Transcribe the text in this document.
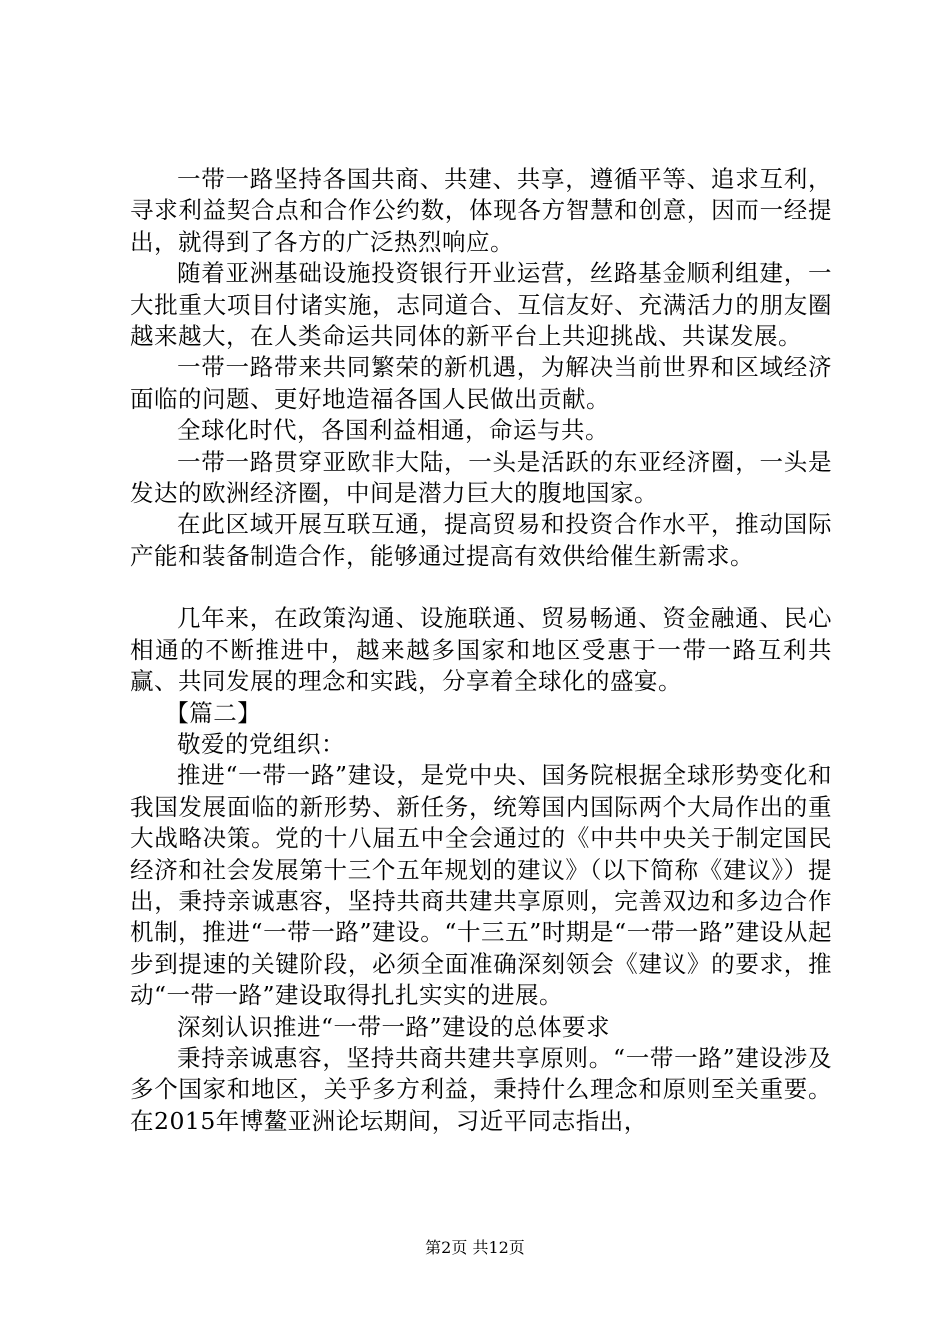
一带一路坚持各国共商、共建、共享，遵循平等、追求互利，寻求利益契合点和合作公约数，体现各方智慧和创意，因而一经提出，就得到了各方的广泛热烈响应。

随着亚洲基础设施投资银行开业运营，丝路基金顺利组建，一大批重大项目付诸实施，志同道合、互信友好、充满活力的朋友圈越来越大，在人类命运共同体的新平台上共迎挑战、共谋发展。

一带一路带来共同繁荣的新机遇，为解决当前世界和区域经济面临的问题、更好地造福各国人民做出贡献。

全球化时代，各国利益相通，命运与共。

一带一路贯穿亚欧非大陆，一头是活跃的东亚经济圈，一头是发达的欧洲经济圈，中间是潜力巨大的腹地国家。

在此区域开展互联互通，提高贸易和投资合作水平，推动国际产能和装备制造合作，能够通过提高有效供给催生新需求。

几年来，在政策沟通、设施联通、贸易畅通、资金融通、民心相通的不断推进中，越来越多国家和地区受惠于一带一路互利共赢、共同发展的理念和实践，分享着全球化的盛宴。

【篇二】

敬爱的党组织：

推进“一带一路”建设，是党中央、国务院根据全球形势变化和我国发展面临的新形势、新任务，统筹国内国际两个大局作出的重大战略决策。党的十八届五中全会通过的《中共中央关于制定国民经济和社会发展第十三个五年规划的建议》（以下简称《建议》）提出，秉持亲诚惠容，坚持共商共建共享原则，完善双边和多边合作机制，推进“一带一路”建设。“十三五”时期是“一带一路”建设从起步到提速的关键阶段，必须全面准确深刻领会《建议》的要求，推动“一带一路”建设取得扎扎实实的进展。

深刻认识推进“一带一路”建设的总体要求

秉持亲诚惠容，坚持共商共建共享原则。“一带一路”建设涉及多个国家和地区，关乎多方利益，秉持什么理念和原则至关重要。在2015年博鳌亚洲论坛期间，习近平同志指出，

第2页 共12页
